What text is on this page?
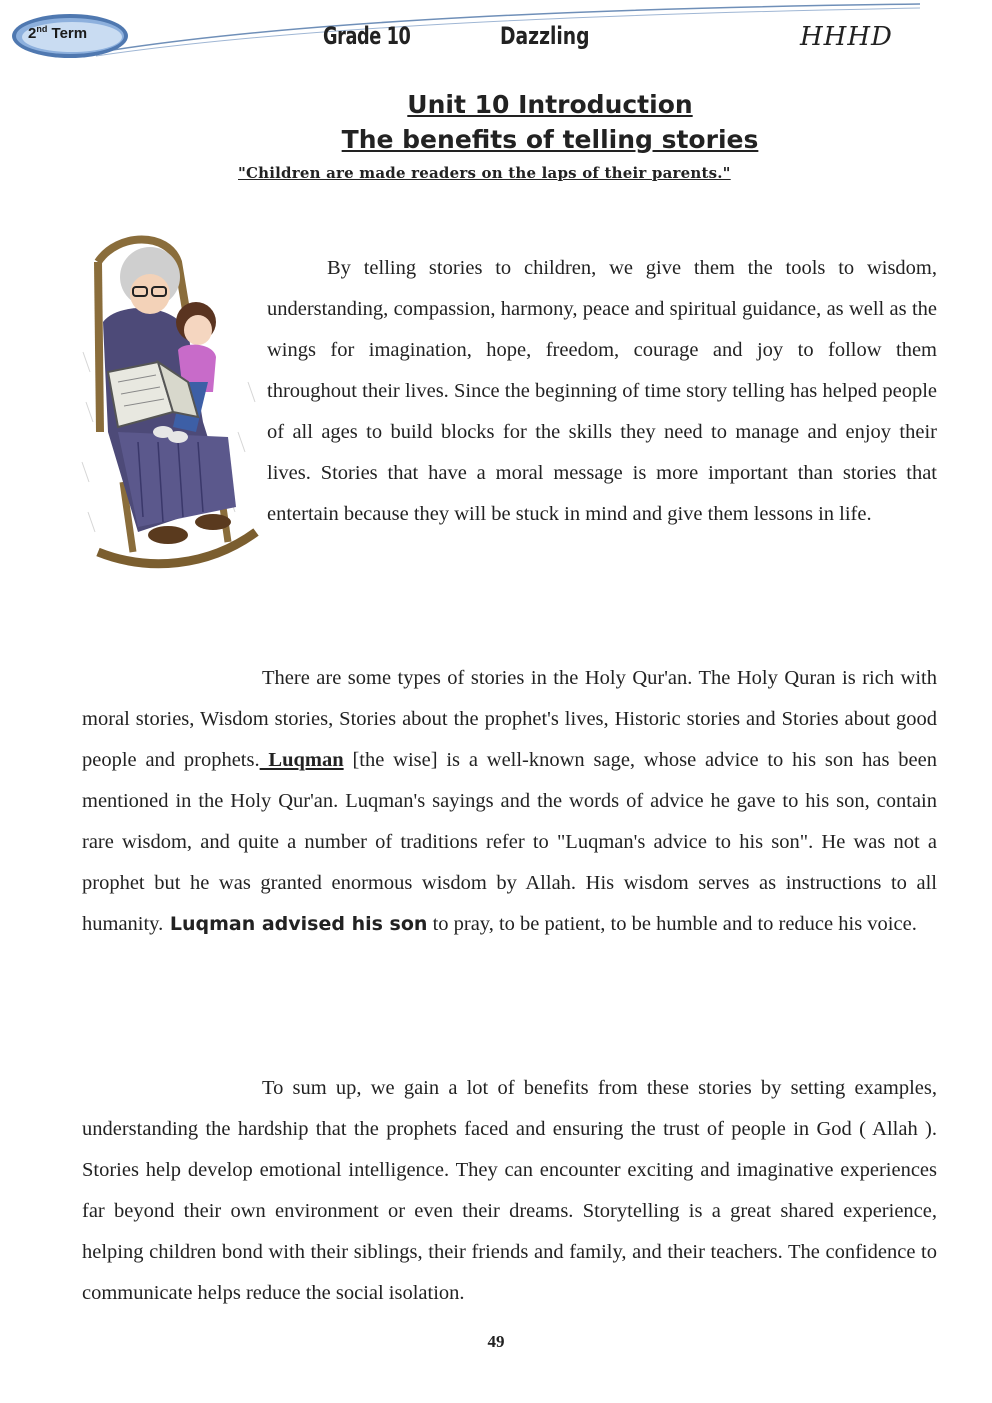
2nd Term	Grade 10	Dazzling	HHHD
Unit 10 Introduction
The benefits of telling stories
"Children are made readers on the laps of their parents."

By telling stories to children, we give them the tools to wisdom, understanding, compassion, harmony, peace and spiritual guidance, as well as the wings for imagination, hope, freedom, courage and joy to follow them throughout their lives. Since the beginning of time story telling has helped people of all ages to build blocks for the skills they need to manage and enjoy their lives. Stories that have a moral message is more important than stories that entertain because they will be stuck in mind and give them lessons in life.

There are some types of stories in the Holy Qur'an. The Holy Quran is rich with moral stories, Wisdom stories, Stories about the prophet's lives, Historic stories and Stories about good people and prophets. Luqman [the wise] is a well-known sage, whose advice to his son has been mentioned in the Holy Qur'an. Luqman's sayings and the words of advice he gave to his son, contain rare wisdom, and quite a number of traditions refer to "Luqman's advice to his son". He was not a prophet but he was granted enormous wisdom by Allah. His wisdom serves as instructions to all humanity. Luqman advised his son to pray, to be patient, to be humble and to reduce his voice.

To sum up, we gain a lot of benefits from these stories by setting examples, understanding the hardship that the prophets faced and ensuring the trust of people in God ( Allah ). Stories help develop emotional intelligence. They can encounter exciting and imaginative experiences far beyond their own environment or even their dreams. Storytelling is a great shared experience, helping children bond with their siblings, their friends and family, and their teachers. The confidence to communicate helps reduce the social isolation.

49
